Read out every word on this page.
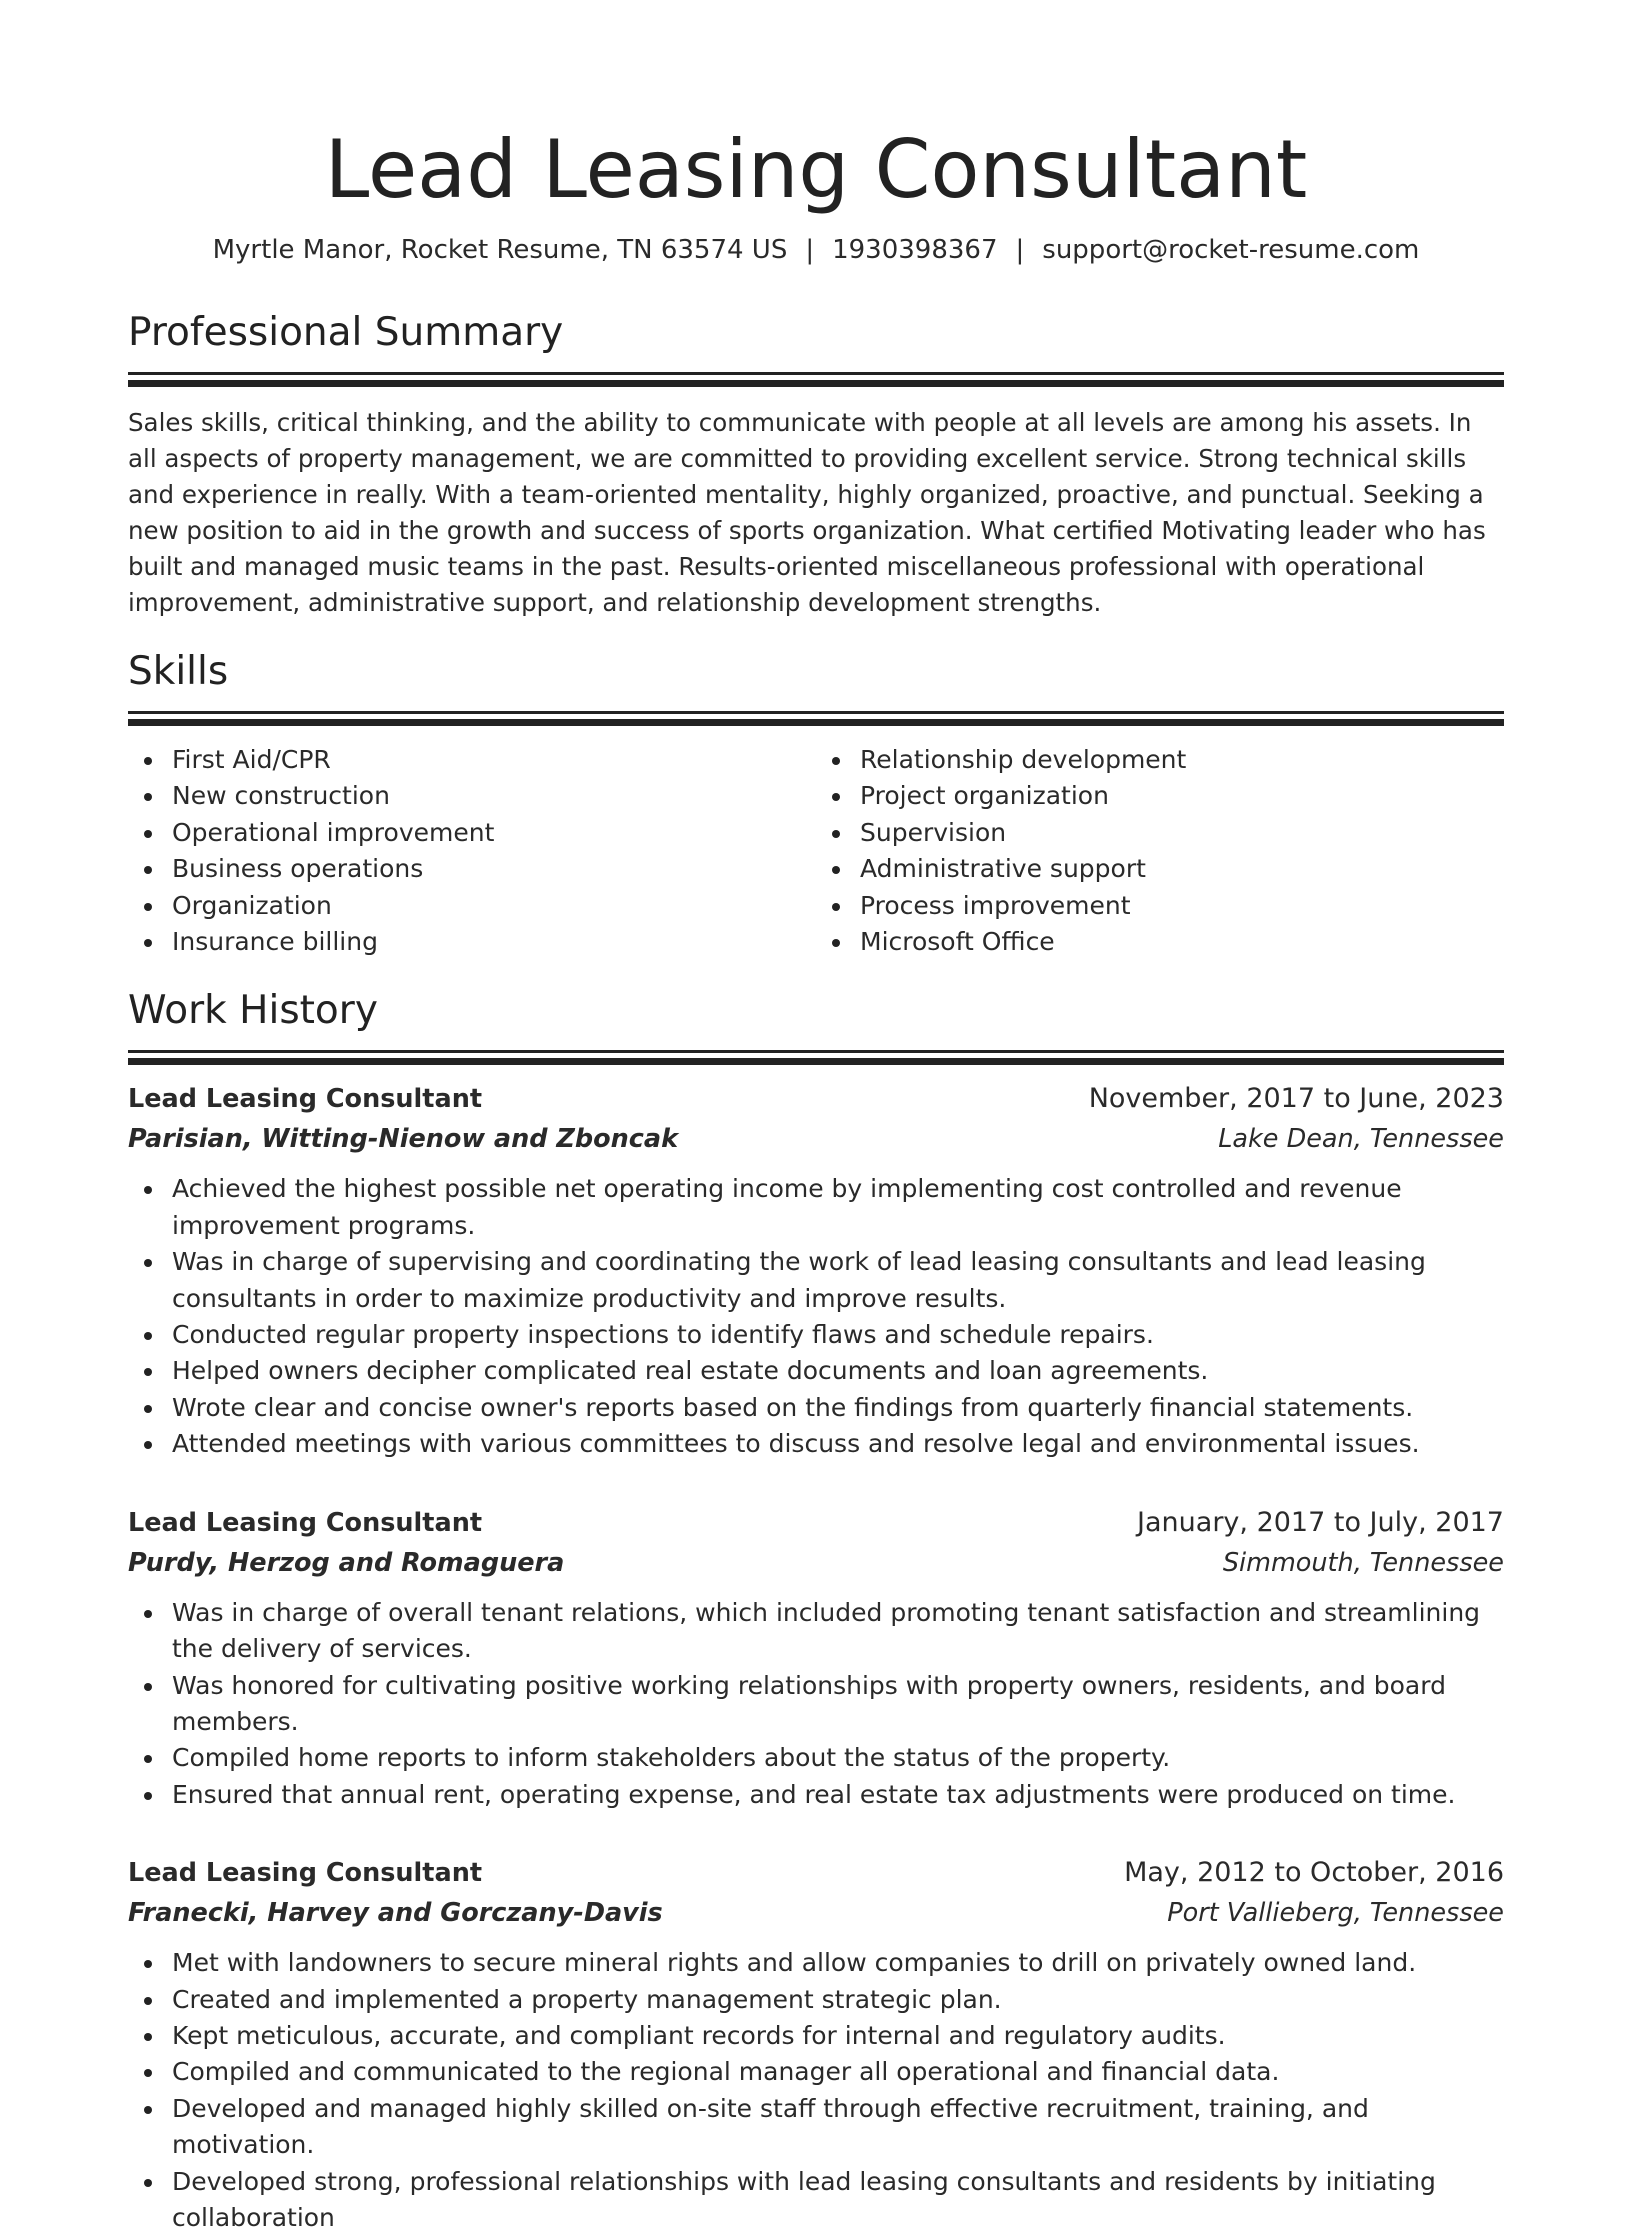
Lead Leasing Consultant
Myrtle Manor, Rocket Resume, TN 63574 US | 1930398367 | support@rocket-resume.com
Professional Summary

Sales skills, critical thinking, and the ability to communicate with people at all levels are among his assets. In all aspects of property management, we are committed to providing excellent service. Strong technical skills and experience in really. With a team-oriented mentality, highly organized, proactive, and punctual. Seeking a new position to aid in the growth and success of sports organization. What certified Motivating leader who has built and managed music teams in the past. Results-oriented miscellaneous professional with operational improvement, administrative support, and relationship development strengths.

Skills
First Aid/CPR
New construction
Operational improvement
Business operations
Organization
Insurance billing
Relationship development
Project organization
Supervision
Administrative support
Process improvement
Microsoft Office
Work History
Lead Leasing Consultant	November, 2017 to June, 2023
Parisian, Witting-Nienow and Zboncak	Lake Dean, Tennessee
Achieved the highest possible net operating income by implementing cost controlled and revenue improvement programs.
Was in charge of supervising and coordinating the work of lead leasing consultants and lead leasing consultants in order to maximize productivity and improve results.
Conducted regular property inspections to identify flaws and schedule repairs.
Helped owners decipher complicated real estate documents and loan agreements.
Wrote clear and concise owner's reports based on the findings from quarterly financial statements.
Attended meetings with various committees to discuss and resolve legal and environmental issues.
Lead Leasing Consultant	January, 2017 to July, 2017
Purdy, Herzog and Romaguera	Simmouth, Tennessee
Was in charge of overall tenant relations, which included promoting tenant satisfaction and streamlining the delivery of services.
Was honored for cultivating positive working relationships with property owners, residents, and board members.
Compiled home reports to inform stakeholders about the status of the property.
Ensured that annual rent, operating expense, and real estate tax adjustments were produced on time.
Lead Leasing Consultant	May, 2012 to October, 2016
Franecki, Harvey and Gorczany-Davis	Port Vallieberg, Tennessee
Met with landowners to secure mineral rights and allow companies to drill on privately owned land.
Created and implemented a property management strategic plan.
Kept meticulous, accurate, and compliant records for internal and regulatory audits.
Compiled and communicated to the regional manager all operational and financial data.
Developed and managed highly skilled on-site staff through effective recruitment, training, and motivation.
Developed strong, professional relationships with lead leasing consultants and residents by initiating collaboration
